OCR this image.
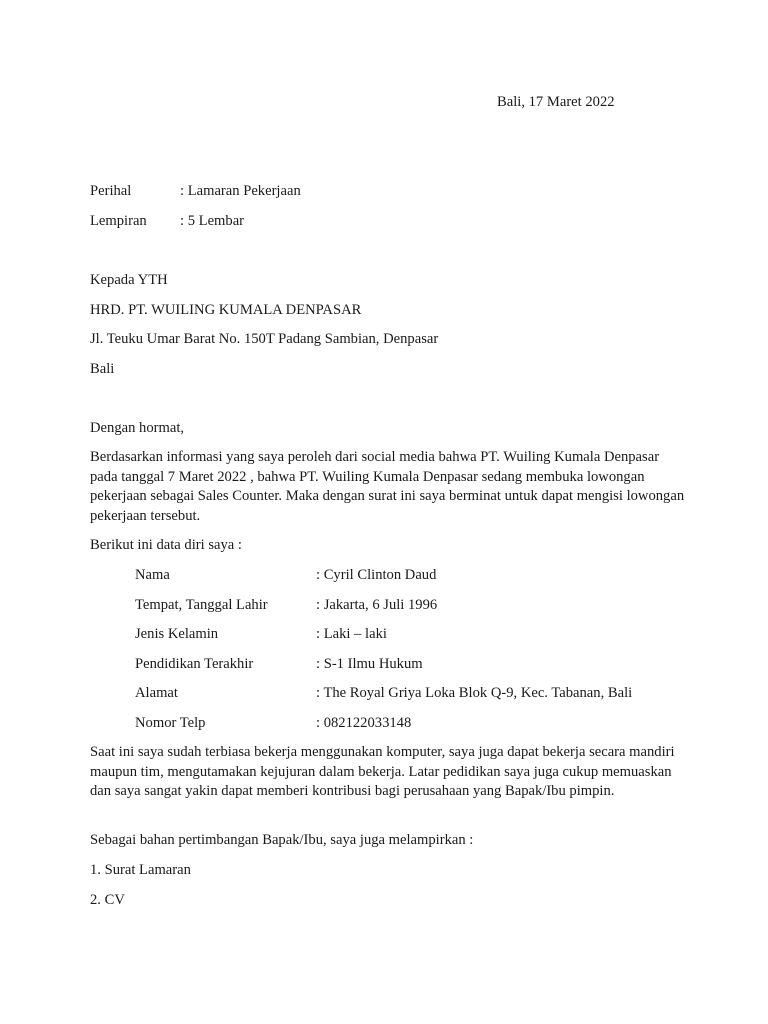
Bali, 17 Maret 2022
Perihal	: Lamaran Pekerjaan
Lempiran : 5 Lembar
Kepada YTH
HRD. PT. WUILING KUMALA DENPASAR
Jl. Teuku Umar Barat No. 150T Padang Sambian, Denpasar
Bali
Dengan hormat,
Berdasarkan informasi yang saya peroleh dari social media bahwa PT. Wuiling Kumala Denpasar pada tanggal 7 Maret 2022 , bahwa PT. Wuiling Kumala Denpasar sedang membuka lowongan pekerjaan sebagai Sales Counter. Maka dengan surat ini saya berminat untuk dapat mengisi lowongan pekerjaan tersebut.
Berikut ini data diri saya :
Nama	: Cyril Clinton Daud
Tempat, Tanggal Lahir	: Jakarta, 6 Juli 1996
Jenis Kelamin	: Laki – laki
Pendidikan Terakhir	: S-1 Ilmu Hukum
Alamat	: The Royal Griya Loka Blok Q-9, Kec. Tabanan, Bali
Nomor Telp	: 082122033148
Saat ini saya sudah terbiasa bekerja menggunakan komputer, saya juga dapat bekerja secara mandiri maupun tim, mengutamakan kejujuran dalam bekerja. Latar pedidikan saya juga cukup memuaskan dan saya sangat yakin dapat memberi kontribusi bagi perusahaan yang Bapak/Ibu pimpin.
Sebagai bahan pertimbangan Bapak/Ibu, saya juga melampirkan :
1. Surat Lamaran
2. CV
